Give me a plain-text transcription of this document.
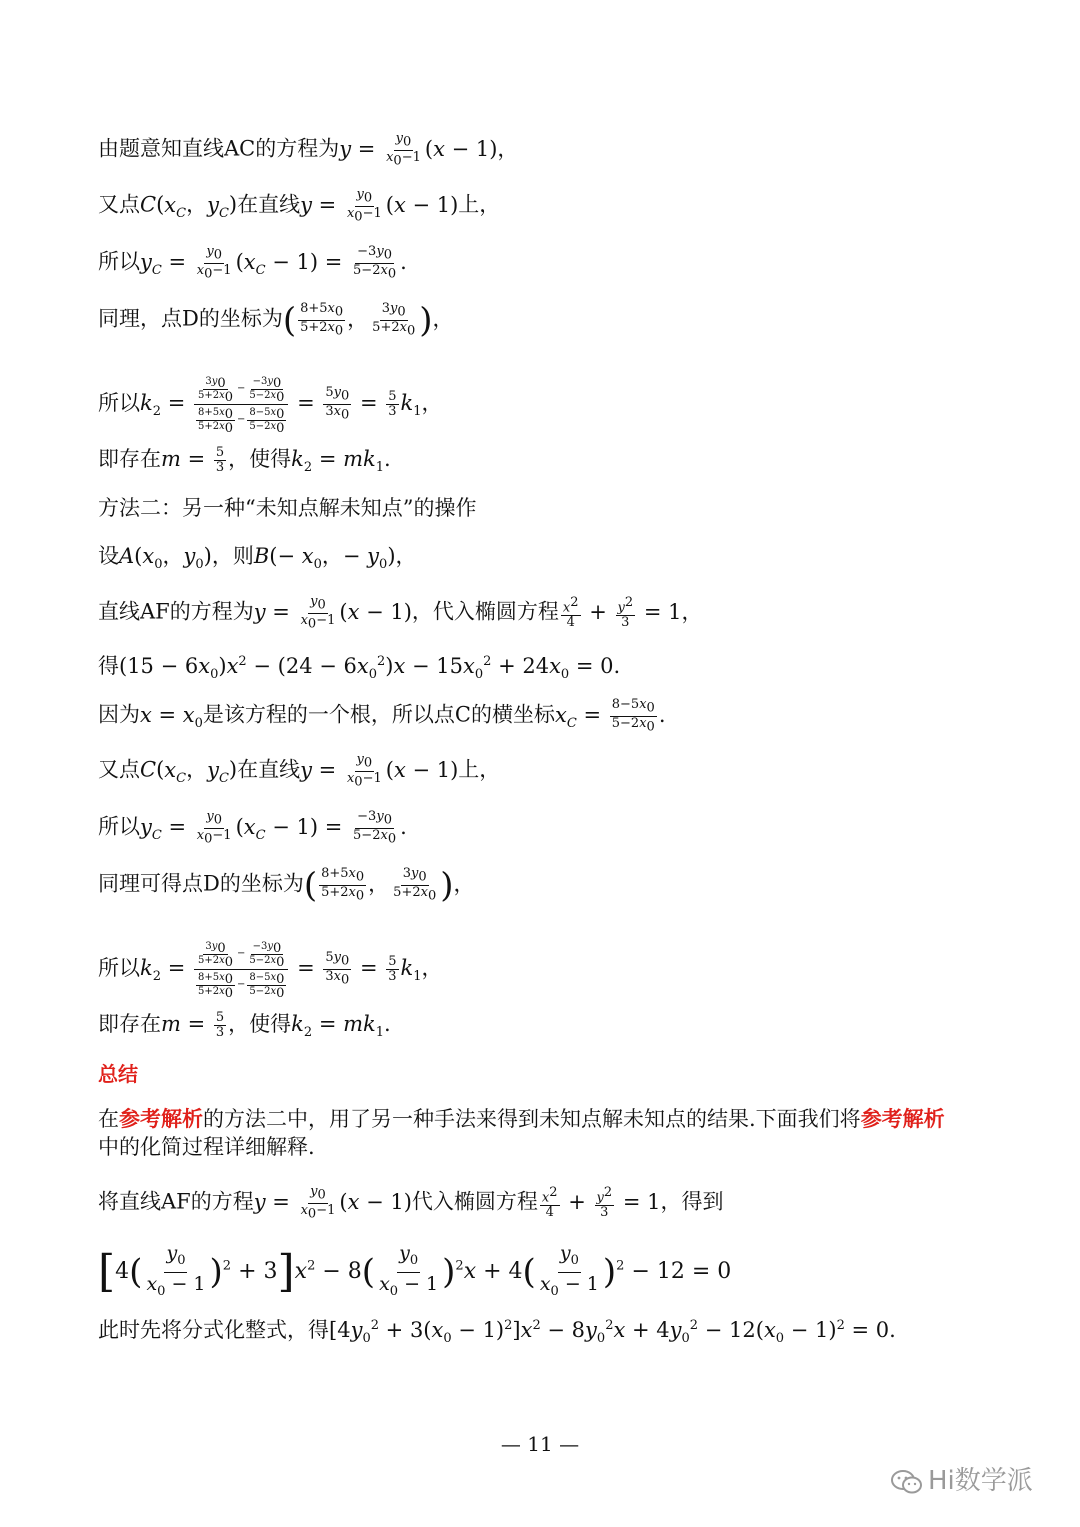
由题意知直线AC的方程为$y = \frac{y_0}{x_0-1} (x - 1)$，
又点$C(x_C$，$y_C$)在直线$y = \frac{y_0}{x_0-1} (x - 1)$上，
所以$y_C = \frac{y_0}{x_0-1} (x_C - 1) = \frac{-3y_0}{5-2x_0}$ .
同理，点D的坐标为( $\frac{8+5x_0}{5+2x_0}$ ， $\frac{3y_0}{5+2x_0}$ )，
所以$k_2 = \frac{\frac{3y_0}{5+2x_0} - \frac{-3y_0}{5-2x_0}}{\frac{8+5x_0}{5+2x_0} - \frac{8-5x_0}{5-2x_0}} = \frac{5y_0}{3x_0} = \frac{5}{3} k_1$，
即存在$m = \frac{5}{3}$ ，使得$k_2 = mk_1$.
方法二：另一种“未知点解未知点”的操作
设$A(x_0$，$y_0$)，则$B(- x_0$，− $y_0$)，
直线AF的方程为$y = \frac{y_0}{x_0-1} (x - 1)$，代入椭圆方程 $\frac{x^2}{4} + \frac{y^2}{3} = 1$，
得$(15 - 6x_0)x^2 - (24 - 6x_0^2)x - 15x_0^2 + 24x_0 = 0$.
因为$x = x_0$是该方程的一个根，所以点C的横坐标$x_C = \frac{8-5x_0}{5-2x_0}$ .
又点$C(x_C$，$y_C$)在直线$y = \frac{y_0}{x_0-1} (x - 1)$上，
所以$y_C = \frac{y_0}{x_0-1} (x_C - 1) = \frac{-3y_0}{5-2x_0}$ .
同理可得点D的坐标为( $\frac{8+5x_0}{5+2x_0}$ ， $\frac{3y_0}{5+2x_0}$ )，
所以$k_2 = \frac{\frac{3y_0}{5+2x_0} - \frac{-3y_0}{5-2x_0}}{\frac{8+5x_0}{5+2x_0} - \frac{8-5x_0}{5-2x_0}} = \frac{5y_0}{3x_0} = \frac{5}{3} k_1$，
即存在$m = \frac{5}{3}$ ，使得$k_2 = mk_1$.
总结
在参考解析的方法二中，用了另一种手法来得到未知点解未知点的结果.下面我们将参考解析
中的化简过程详细解释.
将直线AF的方程$y = \frac{y_0}{x_0-1} (x - 1)$代入椭圆方程 $\frac{x^2}{4} + \frac{y^2}{3} = 1$，得到
$[4( \frac{y_0}{x_0 - 1} )^2 + 3]x^2 - 8( \frac{y_0}{x_0 - 1} )^2x + 4( \frac{y_0}{x_0 - 1} )^2 - 12 = 0$
此时先将分式化整式，得$[4y_0^2 + 3(x_0 - 1)^2]x^2 - 8y_0^2x + 4y_0^2 - 12(x_0 - 1)^2 = 0$.
— 11 —
Hi数学派
